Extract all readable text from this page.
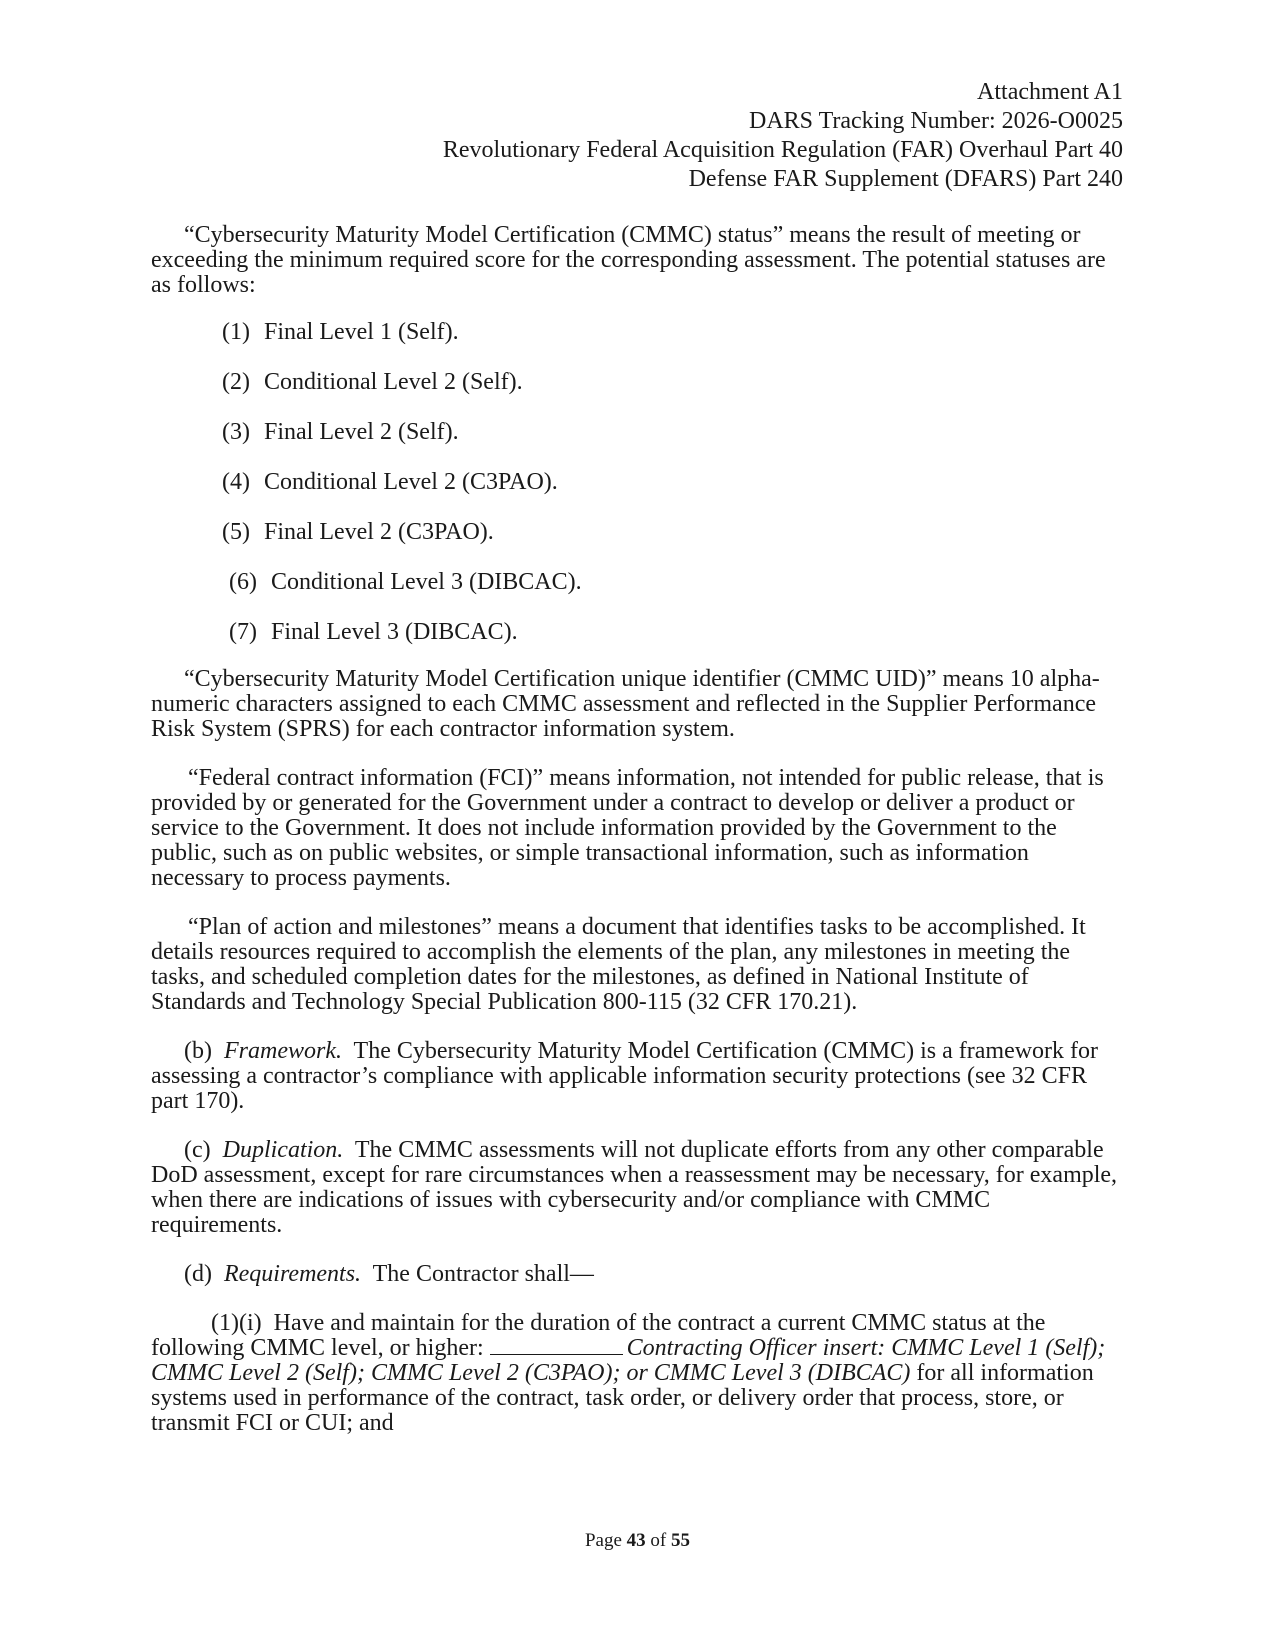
Attachment A1
DARS Tracking Number: 2026-O0025
Revolutionary Federal Acquisition Regulation (FAR) Overhaul Part 40
Defense FAR Supplement (DFARS) Part 240

“Cybersecurity Maturity Model Certification (CMMC) status” means the result of meeting or exceeding the minimum required score for the corresponding assessment. The potential statuses are as follows:

(1) Final Level 1 (Self).
(2) Conditional Level 2 (Self).
(3) Final Level 2 (Self).
(4) Conditional Level 2 (C3PAO).
(5) Final Level 2 (C3PAO).
(6) Conditional Level 3 (DIBCAC).
(7) Final Level 3 (DIBCAC).

“Cybersecurity Maturity Model Certification unique identifier (CMMC UID)” means 10 alpha-numeric characters assigned to each CMMC assessment and reflected in the Supplier Performance Risk System (SPRS) for each contractor information system.

“Federal contract information (FCI)” means information, not intended for public release, that is provided by or generated for the Government under a contract to develop or deliver a product or service to the Government. It does not include information provided by the Government to the public, such as on public websites, or simple transactional information, such as information necessary to process payments.

“Plan of action and milestones” means a document that identifies tasks to be accomplished. It details resources required to accomplish the elements of the plan, any milestones in meeting the tasks, and scheduled completion dates for the milestones, as defined in National Institute of Standards and Technology Special Publication 800-115 (32 CFR 170.21).

(b) Framework. The Cybersecurity Maturity Model Certification (CMMC) is a framework for assessing a contractor’s compliance with applicable information security protections (see 32 CFR part 170).

(c) Duplication. The CMMC assessments will not duplicate efforts from any other comparable DoD assessment, except for rare circumstances when a reassessment may be necessary, for example, when there are indications of issues with cybersecurity and/or compliance with CMMC requirements.

(d) Requirements. The Contractor shall—

(1)(i) Have and maintain for the duration of the contract a current CMMC status at the following CMMC level, or higher:	Contracting Officer insert: CMMC Level 1 (Self); CMMC Level 2 (Self); CMMC Level 2 (C3PAO); or CMMC Level 3 (DIBCAC) for all information systems used in performance of the contract, task order, or delivery order that process, store, or transmit FCI or CUI; and

Page 43 of 55
